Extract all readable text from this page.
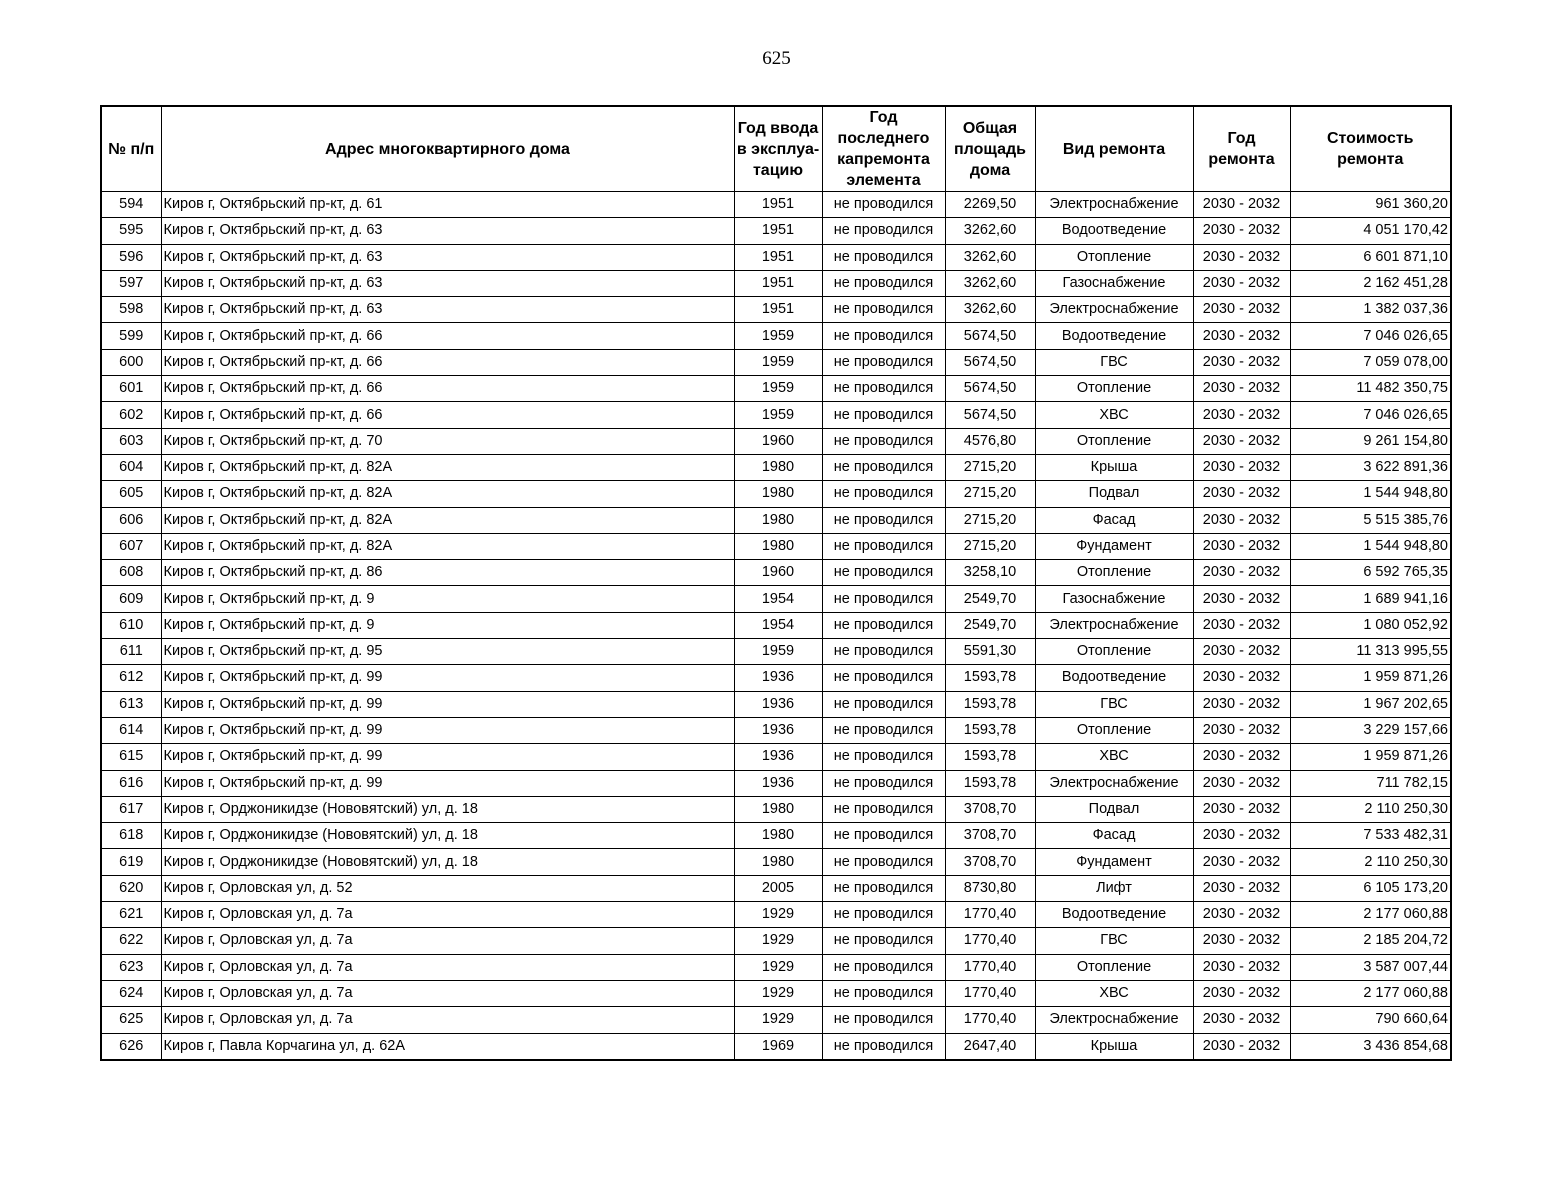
625
№ п/п	Адрес многоквартирного дома	Год ввода в эксплуа-тацию	Год последнего капремонта элемента	Общая площадь дома	Вид ремонта	Год ремонта	Стоимость ремонта
594	Киров г, Октябрьский пр-кт, д. 61	1951	не проводился	2269,50	Электроснабжение	2030 - 2032	961 360,20
595	Киров г, Октябрьский пр-кт, д. 63	1951	не проводился	3262,60	Водоотведение	2030 - 2032	4 051 170,42
596	Киров г, Октябрьский пр-кт, д. 63	1951	не проводился	3262,60	Отопление	2030 - 2032	6 601 871,10
597	Киров г, Октябрьский пр-кт, д. 63	1951	не проводился	3262,60	Газоснабжение	2030 - 2032	2 162 451,28
598	Киров г, Октябрьский пр-кт, д. 63	1951	не проводился	3262,60	Электроснабжение	2030 - 2032	1 382 037,36
599	Киров г, Октябрьский пр-кт, д. 66	1959	не проводился	5674,50	Водоотведение	2030 - 2032	7 046 026,65
600	Киров г, Октябрьский пр-кт, д. 66	1959	не проводился	5674,50	ГВС	2030 - 2032	7 059 078,00
601	Киров г, Октябрьский пр-кт, д. 66	1959	не проводился	5674,50	Отопление	2030 - 2032	11 482 350,75
602	Киров г, Октябрьский пр-кт, д. 66	1959	не проводился	5674,50	ХВС	2030 - 2032	7 046 026,65
603	Киров г, Октябрьский пр-кт, д. 70	1960	не проводился	4576,80	Отопление	2030 - 2032	9 261 154,80
604	Киров г, Октябрьский пр-кт, д. 82А	1980	не проводился	2715,20	Крыша	2030 - 2032	3 622 891,36
605	Киров г, Октябрьский пр-кт, д. 82А	1980	не проводился	2715,20	Подвал	2030 - 2032	1 544 948,80
606	Киров г, Октябрьский пр-кт, д. 82А	1980	не проводился	2715,20	Фасад	2030 - 2032	5 515 385,76
607	Киров г, Октябрьский пр-кт, д. 82А	1980	не проводился	2715,20	Фундамент	2030 - 2032	1 544 948,80
608	Киров г, Октябрьский пр-кт, д. 86	1960	не проводился	3258,10	Отопление	2030 - 2032	6 592 765,35
609	Киров г, Октябрьский пр-кт, д. 9	1954	не проводился	2549,70	Газоснабжение	2030 - 2032	1 689 941,16
610	Киров г, Октябрьский пр-кт, д. 9	1954	не проводился	2549,70	Электроснабжение	2030 - 2032	1 080 052,92
611	Киров г, Октябрьский пр-кт, д. 95	1959	не проводился	5591,30	Отопление	2030 - 2032	11 313 995,55
612	Киров г, Октябрьский пр-кт, д. 99	1936	не проводился	1593,78	Водоотведение	2030 - 2032	1 959 871,26
613	Киров г, Октябрьский пр-кт, д. 99	1936	не проводился	1593,78	ГВС	2030 - 2032	1 967 202,65
614	Киров г, Октябрьский пр-кт, д. 99	1936	не проводился	1593,78	Отопление	2030 - 2032	3 229 157,66
615	Киров г, Октябрьский пр-кт, д. 99	1936	не проводился	1593,78	ХВС	2030 - 2032	1 959 871,26
616	Киров г, Октябрьский пр-кт, д. 99	1936	не проводился	1593,78	Электроснабжение	2030 - 2032	711 782,15
617	Киров г, Орджоникидзе (Нововятский) ул, д. 18	1980	не проводился	3708,70	Подвал	2030 - 2032	2 110 250,30
618	Киров г, Орджоникидзе (Нововятский) ул, д. 18	1980	не проводился	3708,70	Фасад	2030 - 2032	7 533 482,31
619	Киров г, Орджоникидзе (Нововятский) ул, д. 18	1980	не проводился	3708,70	Фундамент	2030 - 2032	2 110 250,30
620	Киров г, Орловская ул, д. 52	2005	не проводился	8730,80	Лифт	2030 - 2032	6 105 173,20
621	Киров г, Орловская ул, д. 7а	1929	не проводился	1770,40	Водоотведение	2030 - 2032	2 177 060,88
622	Киров г, Орловская ул, д. 7а	1929	не проводился	1770,40	ГВС	2030 - 2032	2 185 204,72
623	Киров г, Орловская ул, д. 7а	1929	не проводился	1770,40	Отопление	2030 - 2032	3 587 007,44
624	Киров г, Орловская ул, д. 7а	1929	не проводился	1770,40	ХВС	2030 - 2032	2 177 060,88
625	Киров г, Орловская ул, д. 7а	1929	не проводился	1770,40	Электроснабжение	2030 - 2032	790 660,64
626	Киров г, Павла Корчагина ул, д. 62А	1969	не проводился	2647,40	Крыша	2030 - 2032	3 436 854,68
